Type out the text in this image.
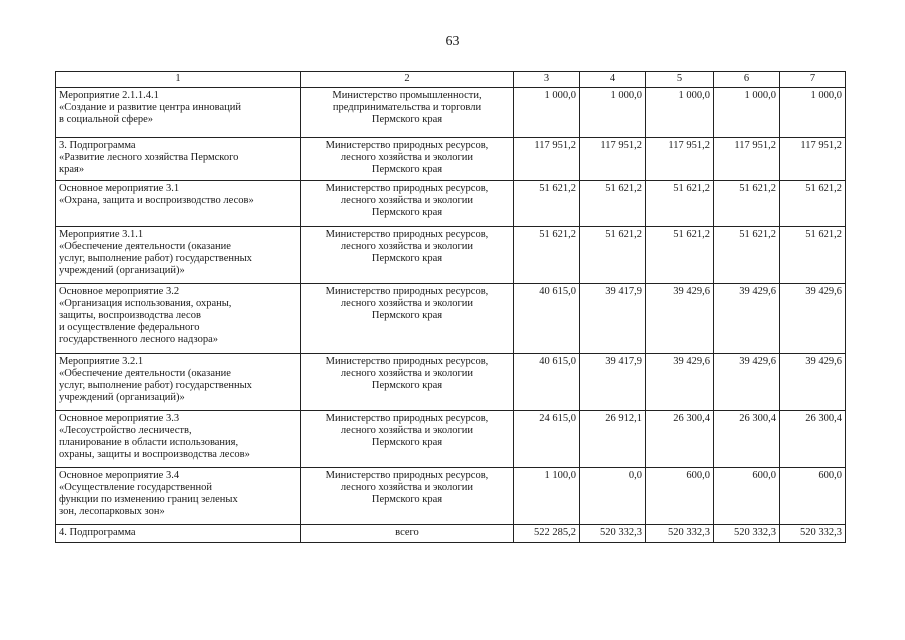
63
1	2	3	4	5	6	7
Мероприятие 2.1.1.4.1
«Создание и развитие центра инноваций
в социальной сфере»	Министерство промышленности,
предпринимательства и торговли
Пермского края	1 000,0	1 000,0	1 000,0	1 000,0	1 000,0
3. Подпрограмма
«Развитие лесного хозяйства Пермского
края»	Министерство природных ресурсов,
лесного хозяйства и экологии
Пермского края	117 951,2	117 951,2	117 951,2	117 951,2	117 951,2
Основное мероприятие 3.1
«Охрана, защита и воспроизводство лесов»	Министерство природных ресурсов,
лесного хозяйства и экологии
Пермского края	51 621,2	51 621,2	51 621,2	51 621,2	51 621,2
Мероприятие 3.1.1
«Обеспечение деятельности (оказание
услуг, выполнение работ) государственных
учреждений (организаций)»	Министерство природных ресурсов,
лесного хозяйства и экологии
Пермского края	51 621,2	51 621,2	51 621,2	51 621,2	51 621,2
Основное мероприятие 3.2
«Организация использования, охраны,
защиты, воспроизводства лесов
и осуществление федерального
государственного лесного надзора»	Министерство природных ресурсов,
лесного хозяйства и экологии
Пермского края	40 615,0	39 417,9	39 429,6	39 429,6	39 429,6
Мероприятие 3.2.1
«Обеспечение деятельности (оказание
услуг, выполнение работ) государственных
учреждений (организаций)»	Министерство природных ресурсов,
лесного хозяйства и экологии
Пермского края	40 615,0	39 417,9	39 429,6	39 429,6	39 429,6
Основное мероприятие 3.3
«Лесоустройство лесничеств,
планирование в области использования,
охраны, защиты и воспроизводства лесов»	Министерство природных ресурсов,
лесного хозяйства и экологии
Пермского края	24 615,0	26 912,1	26 300,4	26 300,4	26 300,4
Основное мероприятие 3.4
«Осуществление государственной
функции по изменению границ зеленых
зон, лесопарковых зон»	Министерство природных ресурсов,
лесного хозяйства и экологии
Пермского края	1 100,0	0,0	600,0	600,0	600,0
4. Подпрограмма	всего	522 285,2	520 332,3	520 332,3	520 332,3	520 332,3
